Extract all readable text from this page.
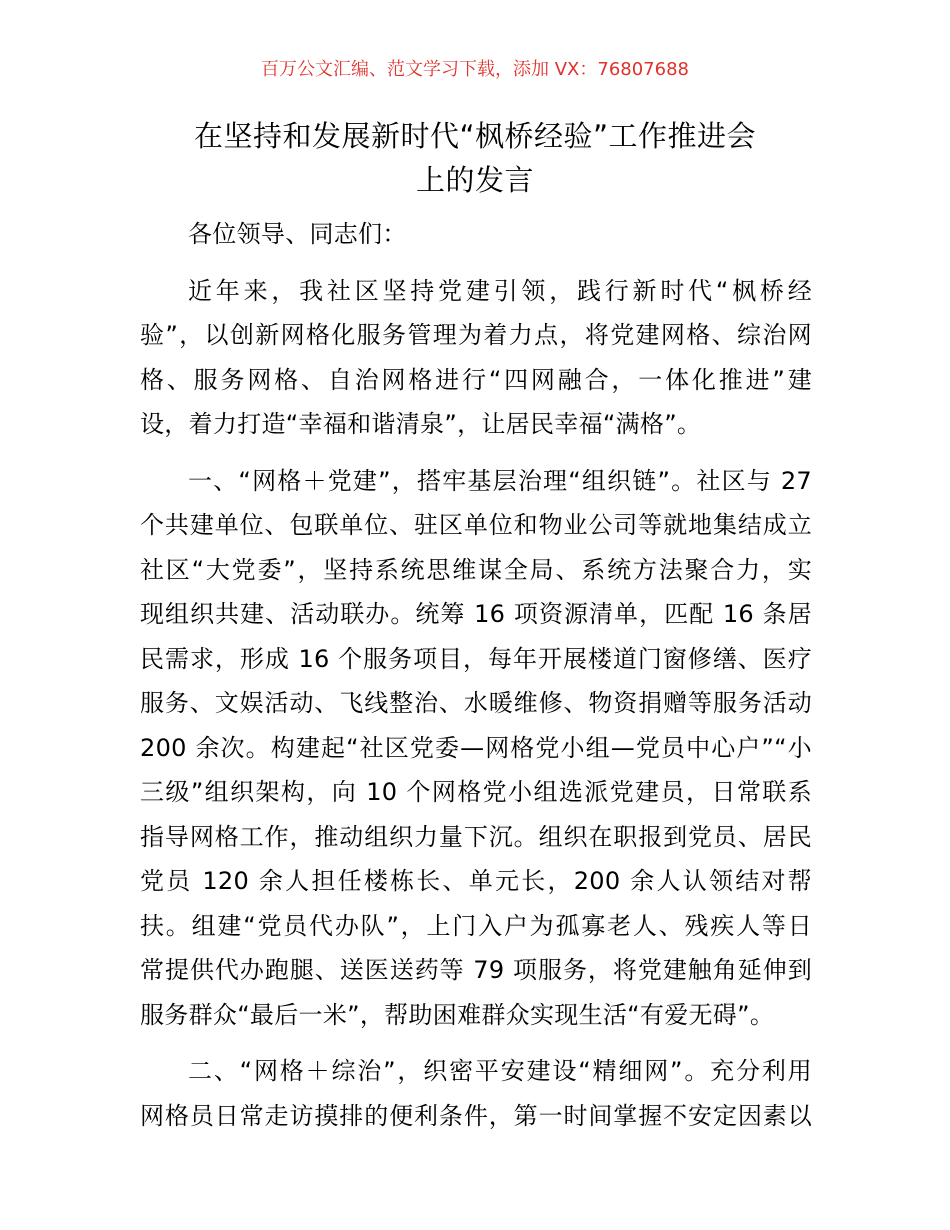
百万公文汇编、范文学习下载，添加 VX：76807688
在坚持和发展新时代“枫桥经验”工作推进会
上的发言
各位领导、同志们：
近年来，我社区坚持党建引领，践行新时代“枫桥经
验”，以创新网格化服务管理为着力点，将党建网格、综治网
格、服务网格、自治网格进行“四网融合，一体化推进”建
设，着力打造“幸福和谐清泉”，让居民幸福“满格”。
一、“网格＋党建”，搭牢基层治理“组织链”。社区与 27
个共建单位、包联单位、驻区单位和物业公司等就地集结成立
社区“大党委”，坚持系统思维谋全局、系统方法聚合力，实
现组织共建、活动联办。统筹 16 项资源清单，匹配 16 条居
民需求，形成 16 个服务项目，每年开展楼道门窗修缮、医疗
服务、文娱活动、飞线整治、水暖维修、物资捐赠等服务活动
200 余次。构建起“社区党委—网格党小组—党员中心户”“小
三级”组织架构，向 10 个网格党小组选派党建员，日常联系
指导网格工作，推动组织力量下沉。组织在职报到党员、居民
党员 120 余人担任楼栋长、单元长，200 余人认领结对帮
扶。组建“党员代办队”，上门入户为孤寡老人、残疾人等日
常提供代办跑腿、送医送药等 79 项服务，将党建触角延伸到
服务群众“最后一米”，帮助困难群众实现生活“有爱无碍”。
二、“网格＋综治”，织密平安建设“精细网”。充分利用
网格员日常走访摸排的便利条件，第一时间掌握不安定因素以
